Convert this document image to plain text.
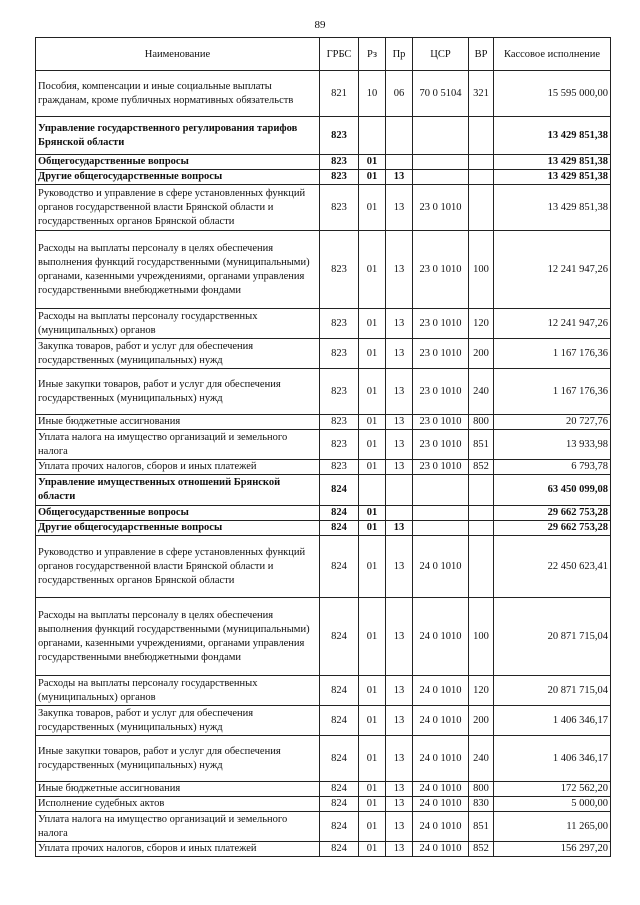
89
Наименование	ГРБС	Рз	Пр	ЦСР	ВР	Кассовое исполнение
Пособия, компенсации и иные социальные выплаты гражданам, кроме публичных нормативных обязательств	821	10	06	70 0 5104	321	15 595 000,00
Управление государственного регулирования тарифов Брянской области	823					13 429 851,38
Общегосударственные вопросы	823	01				13 429 851,38
Другие общегосударственные вопросы	823	01	13			13 429 851,38
Руководство и управление в сфере установленных функций органов государственной власти Брянской области и государственных органов Брянской области	823	01	13	23 0 1010		13 429 851,38
Расходы на выплаты персоналу в целях обеспечения выполнения функций государственными (муниципальными) органами, казенными учреждениями, органами управления государственными внебюджетными фондами	823	01	13	23 0 1010	100	12 241 947,26
Расходы на выплаты персоналу государственных (муниципальных) органов	823	01	13	23 0 1010	120	12 241 947,26
Закупка товаров, работ и услуг для обеспечения государственных (муниципальных) нужд	823	01	13	23 0 1010	200	1 167 176,36
Иные закупки товаров, работ и услуг для обеспечения государственных (муниципальных) нужд	823	01	13	23 0 1010	240	1 167 176,36
Иные бюджетные ассигнования	823	01	13	23 0 1010	800	20 727,76
Уплата налога на имущество организаций и земельного налога	823	01	13	23 0 1010	851	13 933,98
Уплата прочих налогов, сборов и иных платежей	823	01	13	23 0 1010	852	6 793,78
Управление имущественных отношений Брянской области	824					63 450 099,08
Общегосударственные вопросы	824	01				29 662 753,28
Другие общегосударственные вопросы	824	01	13			29 662 753,28
Руководство и управление в сфере установленных функций органов государственной власти Брянской области и государственных органов Брянской области	824	01	13	24 0 1010		22 450 623,41
Расходы на выплаты персоналу в целях обеспечения выполнения функций государственными (муниципальными) органами, казенными учреждениями, органами управления государственными внебюджетными фондами	824	01	13	24 0 1010	100	20 871 715,04
Расходы на выплаты персоналу государственных (муниципальных) органов	824	01	13	24 0 1010	120	20 871 715,04
Закупка товаров, работ и услуг для обеспечения государственных (муниципальных) нужд	824	01	13	24 0 1010	200	1 406 346,17
Иные закупки товаров, работ и услуг для обеспечения государственных (муниципальных) нужд	824	01	13	24 0 1010	240	1 406 346,17
Иные бюджетные ассигнования	824	01	13	24 0 1010	800	172 562,20
Исполнение судебных актов	824	01	13	24 0 1010	830	5 000,00
Уплата налога на имущество организаций и земельного налога	824	01	13	24 0 1010	851	11 265,00
Уплата прочих налогов, сборов и иных платежей	824	01	13	24 0 1010	852	156 297,20
